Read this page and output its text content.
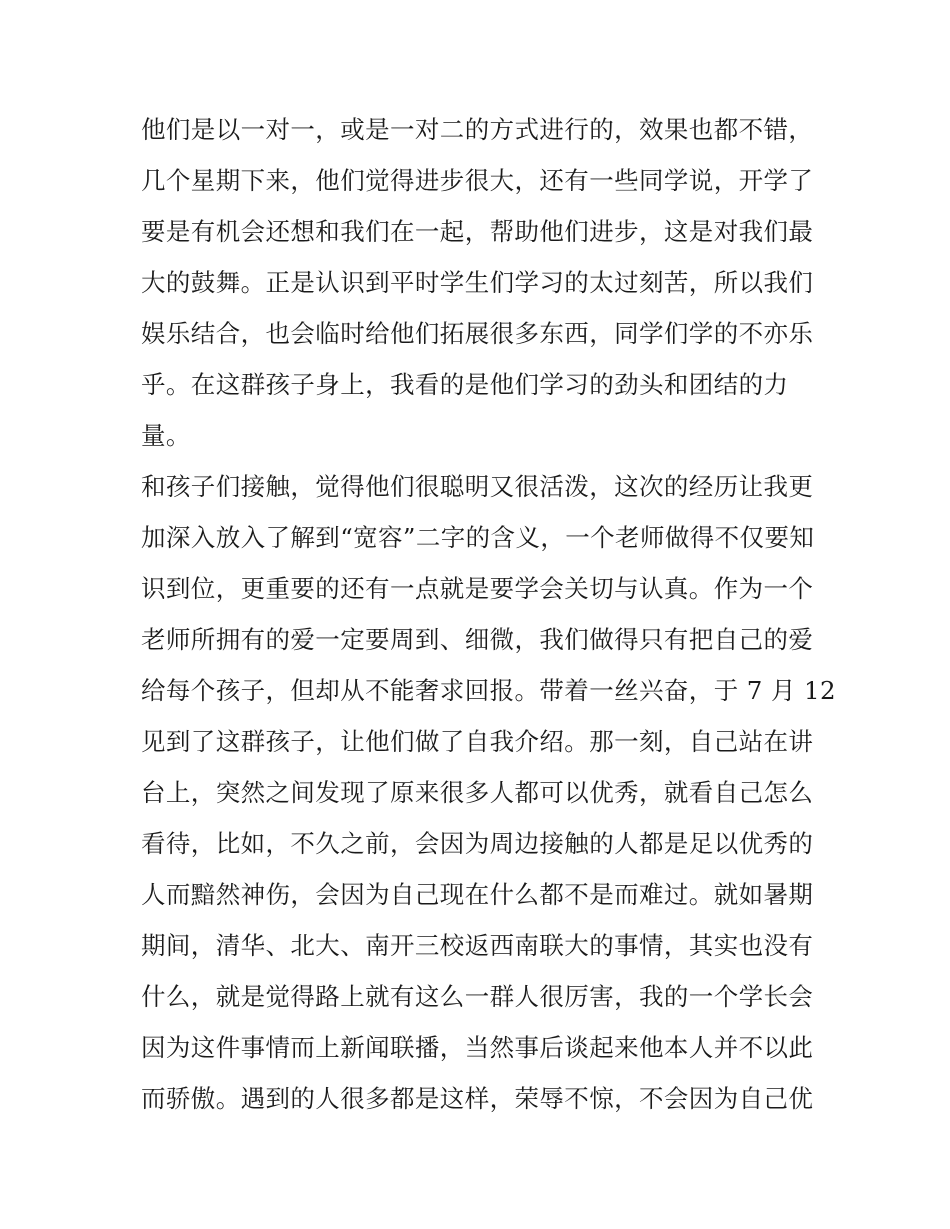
他们是以一对一，或是一对二的方式进行的，效果也都不错，
几个星期下来，他们觉得进步很大，还有一些同学说，开学了
要是有机会还想和我们在一起，帮助他们进步，这是对我们最
大的鼓舞。正是认识到平时学生们学习的太过刻苦，所以我们
娱乐结合，也会临时给他们拓展很多东西，同学们学的不亦乐
乎。在这群孩子身上，我看的是他们学习的劲头和团结的力
量。
和孩子们接触，觉得他们很聪明又很活泼，这次的经历让我更
加深入放入了解到“宽容”二字的含义，一个老师做得不仅要知
识到位，更重要的还有一点就是要学会关切与认真。作为一个
老师所拥有的爱一定要周到、细微，我们做得只有把自己的爱
给每个孩子，但却从不能奢求回报。带着一丝兴奋，于 7 月 12
见到了这群孩子，让他们做了自我介绍。那一刻，自己站在讲
台上，突然之间发现了原来很多人都可以优秀，就看自己怎么
看待，比如，不久之前，会因为周边接触的人都是足以优秀的
人而黯然神伤，会因为自己现在什么都不是而难过。就如暑期
期间，清华、北大、南开三校返西南联大的事情，其实也没有
什么，就是觉得路上就有这么一群人很厉害，我的一个学长会
因为这件事情而上新闻联播，当然事后谈起来他本人并不以此
而骄傲。遇到的人很多都是这样，荣辱不惊，不会因为自己优
